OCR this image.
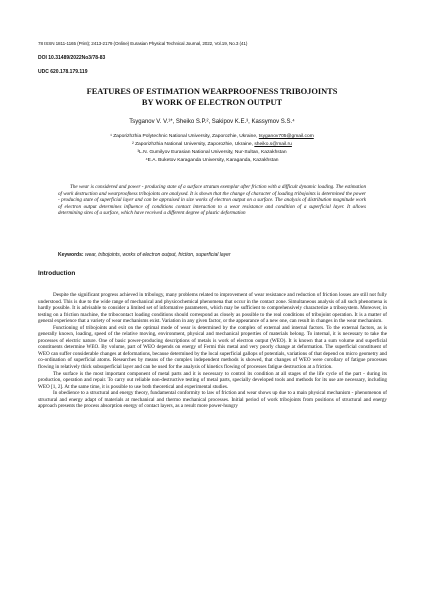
78 ISSN 1811-1165 (Print); 2413-2179 (Online) Eurasian Physical Technical Journal, 2022, Vol.19, No.3 (41)
DOI 10.31489/2022No3/78-83
UDC 620.178.179.119
FEATURES OF ESTIMATION WEARPROOFNESS TRIBOJOINTS
BY WORK OF ELECTRON OUTPUT
Tsyganov V. V.¹*, Sheiko S.P.², Sakipov K.E.³, Kassymov S.S.⁴
¹ Zaporizhzhia Polytechnic National University, Zaporozhie, Ukraine, tsyganov705@gmail.com
² Zaporizhzhia National University, Zaporozhie, Ukraine, sheiko.s@mail.ru
³L.N. Gumilyov Eurasian National University, Nur-Sultan, Kazakhstan
⁴E.A. Buketov Karaganda University, Karaganda, Kazakhstan

The wear is considered and power - producing state of a surface stratum exemplar after friction with a difficult dynamic loading. The estimation of work destruction and wearproofness tribojoints are analysed. It is shown that the change of character of loading tribojoints is determined the power - producing state of superficial layer and can be appraised in size works of electron output on a surface. The analysis of distribution magnitude work of electron output determines influence of conditions contact interaction to a wear resistance and condition of a superficial layer. It allows determining sites of a surface, which have received a different degree of plastic deformation

Keywords: wear, tribojoints, works of electron output, friction, superficial layer
Introduction

Despite the significant progress achieved in tribology, many problems related to improvement of wear resistance and reduction of friction losses are still not fully understood. This is due to the wide range of mechanical and physicochemical phenomena that occur in the contact zone. Simultaneous analysis of all such phenomena is hardly possible. It is advisable to consider a limited set of informative parameters, which may be sufficient to comprehensively characterize a tribosystem. Moreover, in testing on a friction machine, the tribocontact loading conditions should correspond as closely as possible to the real conditions of tribojoint operation. It is a matter of general experience that a variety of wear mechanisms exist. Variation in any given factor, or the appearance of a new one, can result in changes in the wear mechanism.

Functioning of tribojoints and exit on the optimal mode of wear is determined by the complex of external and internal factors. To the external factors, as is generally known, loading, speed of the relative moving, environment, physical and mechanical properties of materials belong. To internal, it is necessary to take the processes of electric nature. One of basic power-producing descriptions of metals is work of electron output (WEO). It is known that a sum volume and superficial constituents determine WEO. By volume, part of WEO depends on energy of Fermi this metal and very poorly change at deformation. The superficial constituent of WEO can suffer considerable changes at deformations, because determined by the local superficial gallops of potentials, variations of that depend on micro geometry and co-ordination of superficial atoms. Researches by means of the complex independent methods is showed, that changes of WEO were corollary of fatigue processes flowing in relatively thick subsuperficial layer and can be used for the analysis of kinetics flowing of processes fatigue destruction at a friction.

The surface is the most important component of metal parts and it is necessary to control its condition at all stages of the life cycle of the part - during its production, operation and repair. To carry out reliable non-destructive testing of metal parts, specially developed tools and methods for its use are necessary, including WEO [1, 2]. At the same time, it is possible to use both theoretical and experimental studies.

In obedience to a structural and energy theory, fundamental conformity to law of friction and wear shows up due to a main physical mechanism - phenomenon of structural and energy adapt of materials at mechanical and thermo mechanical processes. Initial period of work tribojoints from positions of structural and energy approach presents the process absorption energy of contact layers, as a result more power-hungry
